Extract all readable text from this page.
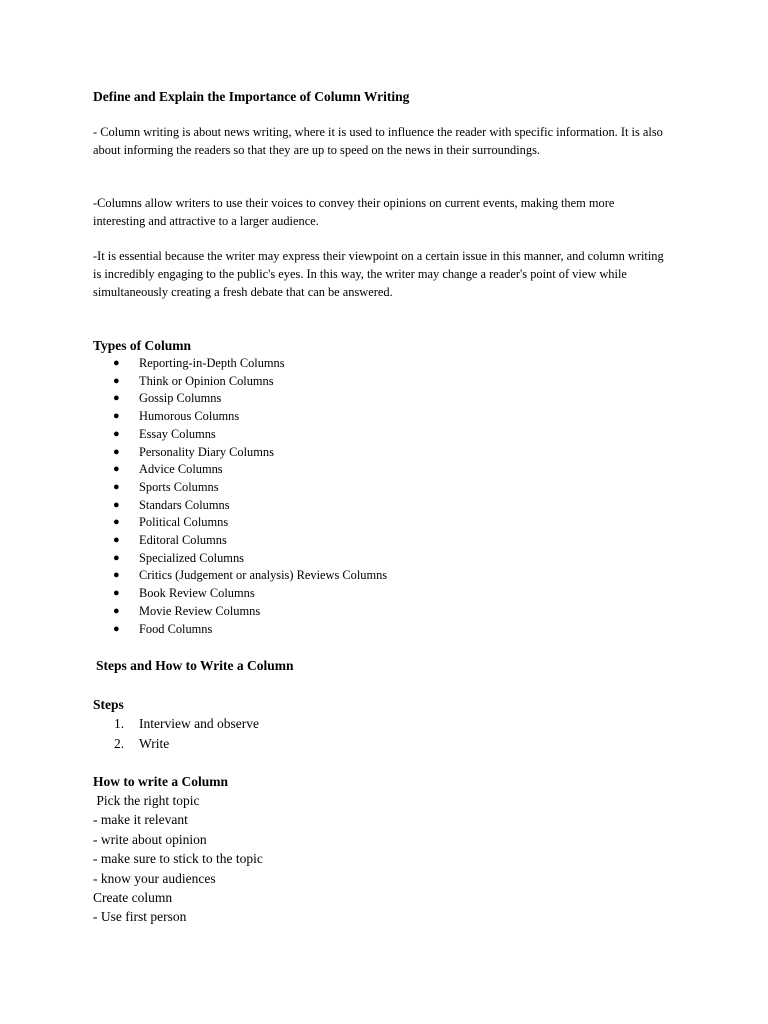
Define and Explain the Importance of Column Writing

- Column writing is about news writing, where it is used to influence the reader with specific information. It is also about informing the readers so that they are up to speed on the news in their surroundings.

-Columns allow writers to use their voices to convey their opinions on current events, making them more interesting and attractive to a larger audience.

-It is essential because the writer may express their viewpoint on a certain issue in this manner, and column writing is incredibly engaging to the public's eyes. In this way, the writer may change a reader's point of view while simultaneously creating a fresh debate that can be answered.

Types of Column
● Reporting-in-Depth Columns
● Think or Opinion Columns
● Gossip Columns
● Humorous Columns
● Essay Columns
● Personality Diary Columns
● Advice Columns
● Sports Columns
● Standars Columns
● Political Columns
● Editoral Columns
● Specialized Columns
● Critics (Judgement or analysis) Reviews Columns
● Book Review Columns
● Movie Review Columns
● Food Columns
Steps and How to Write a Column
Steps
1. Interview and observe
2. Write
How to write a Column
Pick the right topic
- make it relevant
- write about opinion
- make sure to stick to the topic
- know your audiences
Create column
- Use first person
